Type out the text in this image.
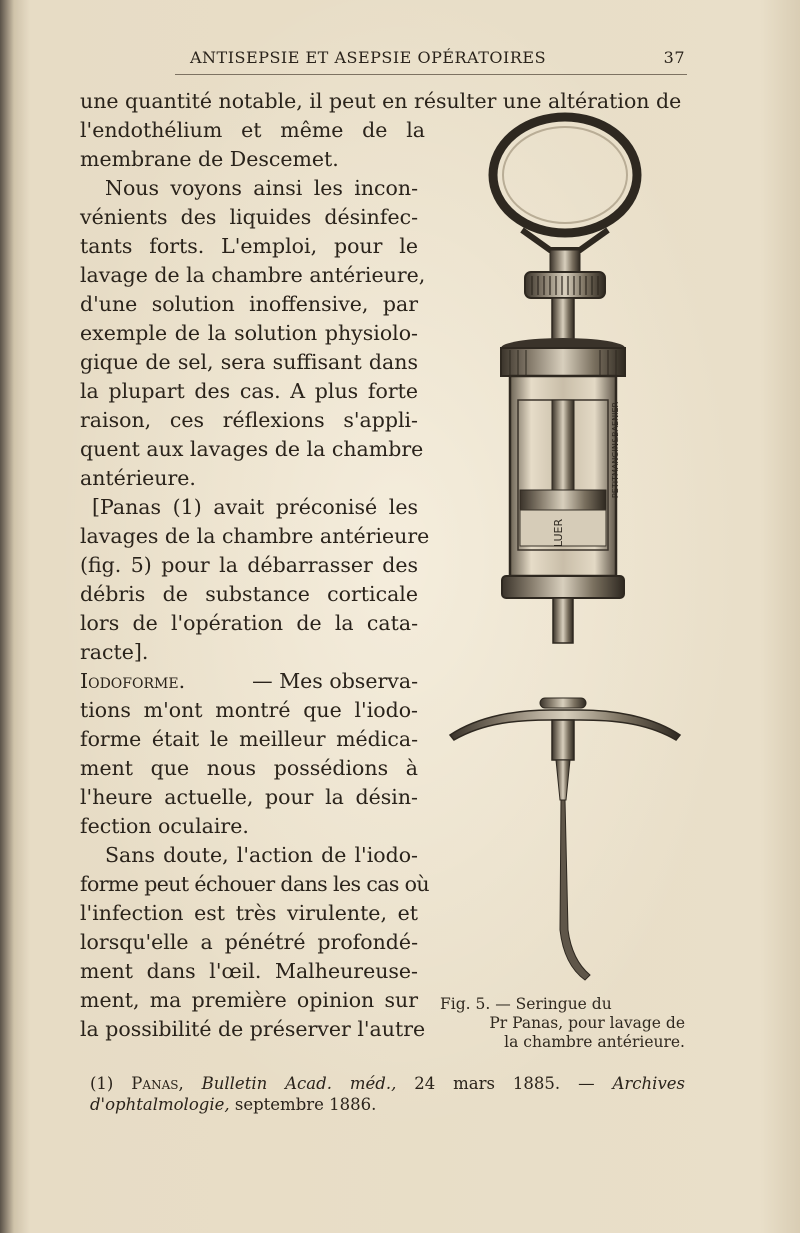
ANTISEPSIE ET ASEPSIE OPÉRATOIRES	37
une quantité notable, il peut en résulter une altération de
l'endothélium et même de la
membrane de Descemet.
Nous voyons ainsi les incon-
vénients des liquides désinfec-
tants forts. L'emploi, pour le
lavage de la chambre antérieure,
d'une solution inoffensive, par
exemple de la solution physiolo-
gique de sel, sera suffisant dans
la plupart des cas. A plus forte
raison, ces réflexions s'appli-
quent aux lavages de la chambre
antérieure.
[Panas (1) avait préconisé les
lavages de la chambre antérieure
(fig. 5) pour la débarrasser des
débris de substance corticale
lors de l'opération de la cata-
racte].
Iodoforme.	— Mes observa-
tions m'ont montré que l'iodo-
forme était le meilleur médica-
ment que nous possédions à
l'heure actuelle, pour la désin-
fection oculaire.
Sans doute, l'action de l'iodo-
forme peut échouer dans les cas où
l'infection est très virulente, et
lorsqu'elle a pénétré profondé-
ment dans l'œil. Malheureuse-
ment, ma première opinion sur
la possibilité de préserver l'autre
LUER
PETITMANGIN&BAENIER
Fig. 5. — Seringue du
Pr Panas, pour lavage de
la chambre antérieure.
(1) Panas, Bulletin Acad. méd., 24 mars 1885. — Archives
d'ophtalmologie, septembre 1886.
